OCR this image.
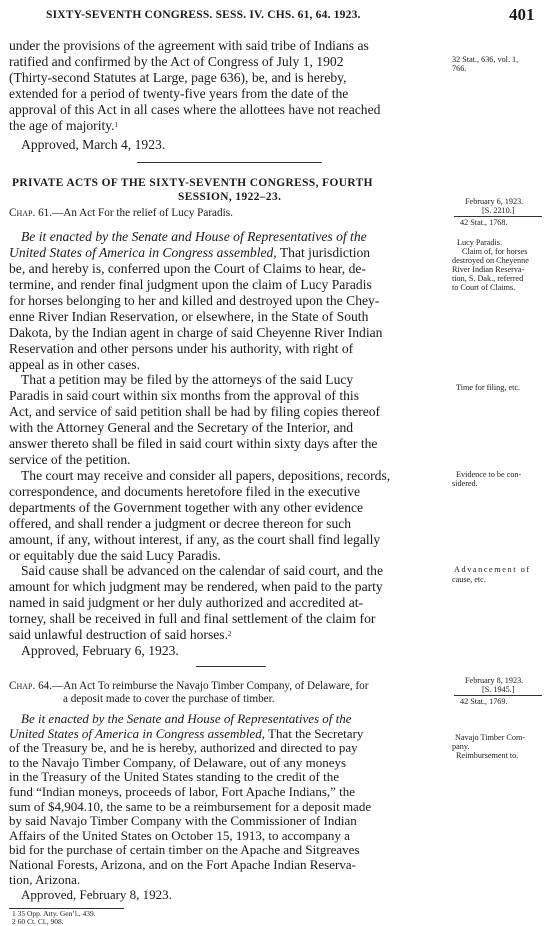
SIXTY-SEVENTH CONGRESS. SESS. IV. CHS. 61, 64. 1923.	401
under the provisions of the agreement with said tribe of Indians as
ratified and confirmed by the Act of Congress of July 1, 1902
(Thirty-second Statutes at Large, page 636), be, and is hereby,
extended for a period of twenty-five years from the date of the
approval of this Act in all cases where the allottees have not reached
the age of majority.$^1$
Approved, March 4, 1923.
32 Stat., 636, vol. 1,
766.
PRIVATE ACTS OF THE SIXTY-SEVENTH CONGRESS, FOURTH
SESSION, 1922–23.
Chap. 61.—An Act For the relief of Lucy Paradis.
February 6, 1923.
[S. 2210.]
42 Stat., 1768.
Be it enacted by the Senate and House of Representatives of the
United States of America in Congress assembled, That jurisdiction
be, and hereby is, conferred upon the Court of Claims to hear, de-
termine, and render final judgment upon the claim of Lucy Paradis
for horses belonging to her and killed and destroyed upon the Chey-
enne River Indian Reservation, or elsewhere, in the State of South
Dakota, by the Indian agent in charge of said Cheyenne River Indian
Reservation and other persons under his authority, with right of
appeal as in other cases.
Lucy Paradis.
Claim of, for horses
destroyed on Cheyenne
River Indian Reserva-
tion, S. Dak., referred
to Court of Claims.
That a petition may be filed by the attorneys of the said Lucy
Paradis in said court within six months from the approval of this
Act, and service of said petition shall be had by filing copies thereof
with the Attorney General and the Secretary of the Interior, and
answer thereto shall be filed in said court within sixty days after the
service of the petition.
Time for filing, etc.
The court may receive and consider all papers, depositions, records,
correspondence, and documents heretofore filed in the executive
departments of the Government together with any other evidence
offered, and shall render a judgment or decree thereon for such
amount, if any, without interest, if any, as the court shall find legally
or equitably due the said Lucy Paradis.
Evidence to be con-
sidered.
Said cause shall be advanced on the calendar of said court, and the
amount for which judgment may be rendered, when paid to the party
named in said judgment or her duly authorized and accredited at-
torney, shall be received in full and final settlement of the claim for
said unlawful destruction of said horses.$^2$
Advancement of
cause, etc.
Approved, February 6, 1923.
Chap. 64.—An Act To reimburse the Navajo Timber Company, of Delaware, for
a deposit made to cover the purchase of timber.
February 8, 1923.
[S. 1945.]
42 Stat., 1769.
Be it enacted by the Senate and House of Representatives of the
United States of America in Congress assembled, That the Secretary
of the Treasury be, and he is hereby, authorized and directed to pay
to the Navajo Timber Company, of Delaware, out of any moneys
in the Treasury of the United States standing to the credit of the
fund “Indian moneys, proceeds of labor, Fort Apache Indians,” the
sum of $4,904.10, the same to be a reimbursement for a deposit made
by said Navajo Timber Company with the Commissioner of Indian
Affairs of the United States on October 15, 1913, to accompany a
bid for the purchase of certain timber on the Apache and Sitgreaves
Navajo Timber Com-
pany.
Reimbursement to.
National Forests, Arizona, and on the Fort Apache Indian Reserva-
tion, Arizona.
Approved, February 8, 1923.
1 35 Opp. Atty. Gen’l., 439.
2 60 Ct. Cl., 908.
